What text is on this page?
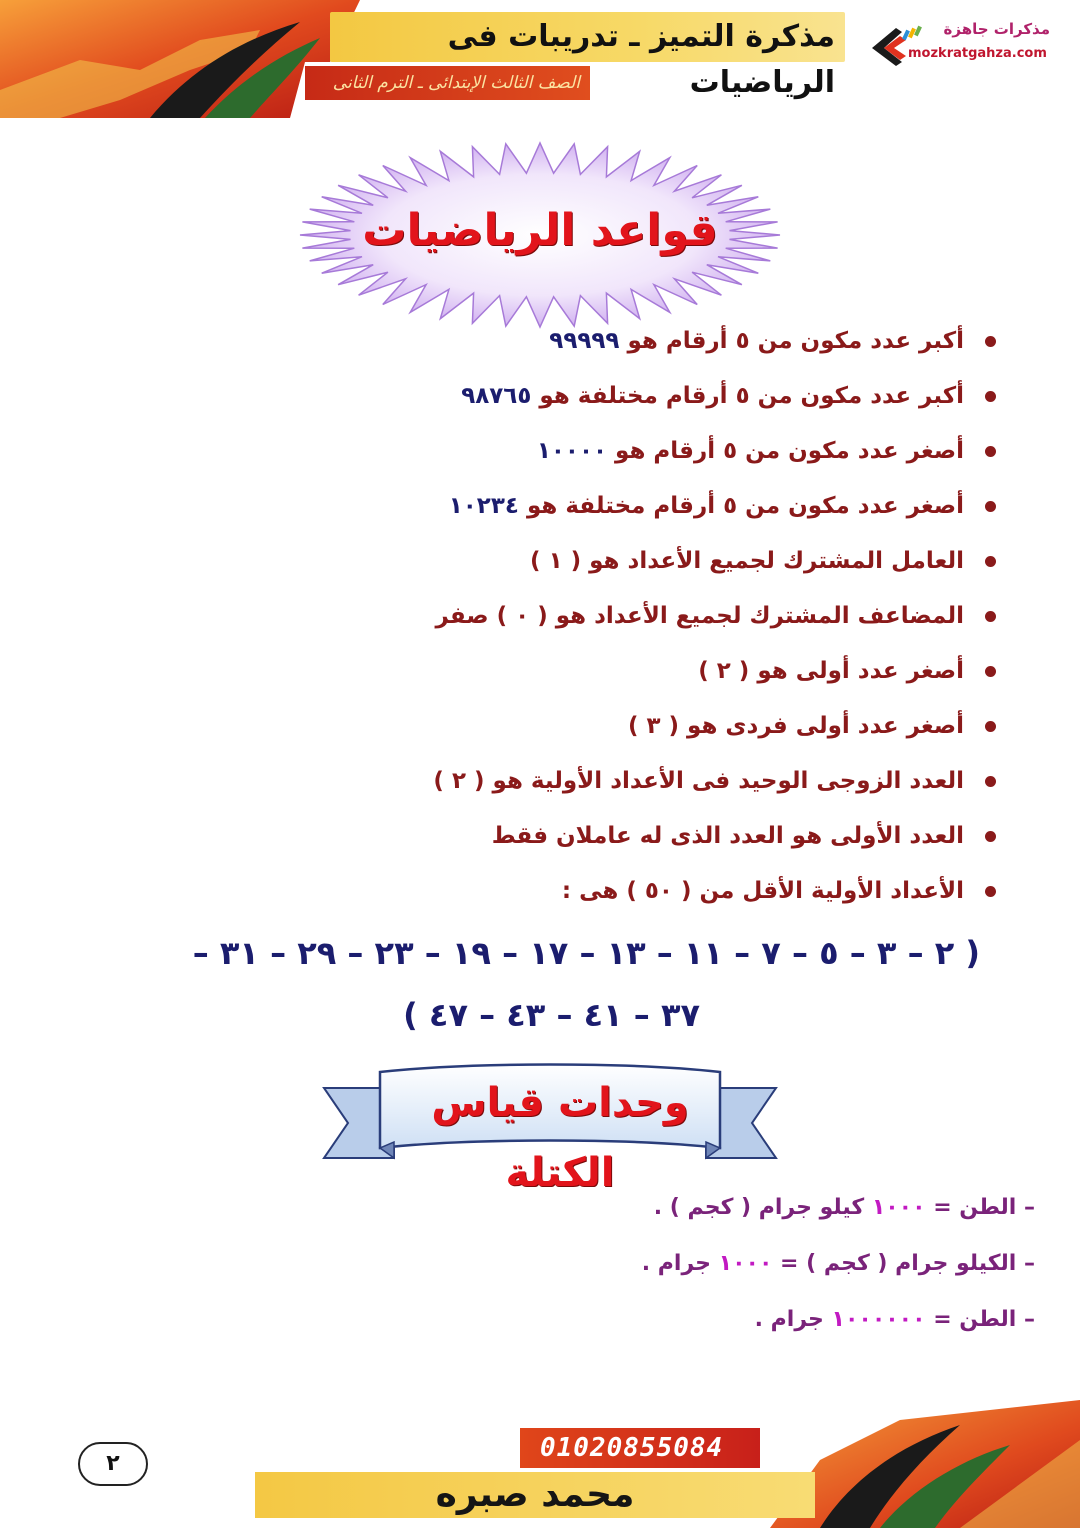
مذكرة التميز ـ تدريبات فى الرياضيات
الصف الثالث الإبتدائى ـ الترم الثانى
مذكرات جاهزة
mozkratgahza.com
قواعد الرياضيات
أكبر عدد مكون من ٥ أرقام هو ٩٩٩٩٩
أكبر عدد مكون من ٥ أرقام مختلفة هو ٩٨٧٦٥
أصغر عدد مكون من ٥ أرقام هو ١٠٠٠٠
أصغر عدد مكون من ٥ أرقام مختلفة هو ١٠٢٣٤
العامل المشترك لجميع الأعداد هو ( ١ )
المضاعف المشترك لجميع الأعداد هو ( ٠ ) صفر
أصغر عدد أولى هو ( ٢ )
أصغر عدد أولى فردى هو ( ٣ )
العدد الزوجى الوحيد فى الأعداد الأولية هو ( ٢ )
العدد الأولى هو العدد الذى له عاملان فقط
الأعداد الأولية الأقل من ( ٥٠ ) هى :
( ٢ – ٣ – ٥ – ٧ – ١١ – ١٣ – ١٧ – ١٩ – ٢٣ – ٢٩ – ٣١ –
٣٧ – ٤١ – ٤٣ – ٤٧ )
وحدات قياس الكتلة
– الطن = ١٠٠٠ كيلو جرام ( كجم ) .
– الكيلو جرام ( كجم ) = ١٠٠٠ جرام .
– الطن = ١٠٠٠٠٠٠ جرام .
٢
01020855084
محمد صبره
